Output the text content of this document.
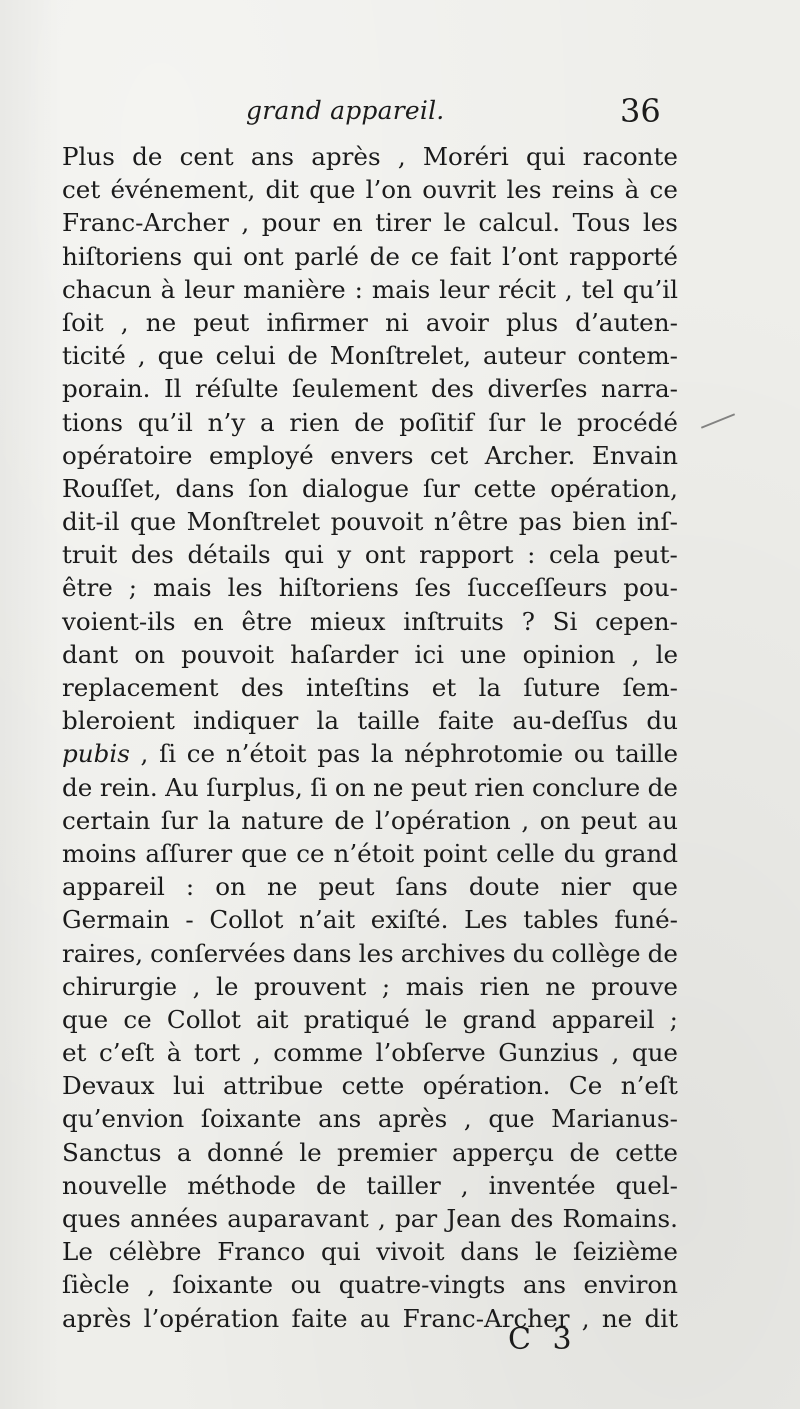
grand appareil.	36
Plus de cent ans après , Moréri qui raconte
cet événement, dit que l’on ouvrit les reins à ce
Franc-Archer , pour en tirer le calcul. Tous les
hiſtoriens qui ont parlé de ce fait l’ont rapporté
chacun à leur manière : mais leur récit , tel qu’il
ſoit , ne peut infirmer ni avoir plus d’auten-
ticité , que celui de Monſtrelet, auteur contem-
porain. Il réſulte ſeulement des diverſes narra-
tions qu’il n’y a rien de poſitif ſur le procédé
opératoire employé envers cet Archer. Envain
Rouſſet, dans ſon dialogue ſur cette opération,
dit-il que Monſtrelet pouvoit n’être pas bien inſ-
truit des détails qui y ont rapport : cela peut-
être ; mais les hiſtoriens ſes ſucceſſeurs pou-
voient-ils en être mieux inſtruits ? Si cepen-
dant on pouvoit haſarder ici une opinion , le
replacement des inteſtins et la ſuture ſem-
bleroient indiquer la taille faite au-deſſus du
pubis , ſi ce n’étoit pas la néphrotomie ou taille
de rein. Au ſurplus, ſi on ne peut rien conclure de
certain ſur la nature de l’opération , on peut au
moins aſſurer que ce n’étoit point celle du grand
appareil : on ne peut ſans doute nier que
Germain - Collot n’ait exiſté. Les tables funé-
raires, conſervées dans les archives du collège de
chirurgie , le prouvent ; mais rien ne prouve
que ce Collot ait pratiqué le grand appareil ;
et c’eſt à tort , comme l’obſerve Gunzius , que
Devaux lui attribue cette opération. Ce n’eſt
qu’envion ſoixante ans après , que Marianus-
Sanctus a donné le premier apperçu de cette
nouvelle méthode de tailler , inventée quel-
ques années auparavant , par Jean des Romains.
Le célèbre Franco qui vivoit dans le ſeizième
ſiècle , ſoixante ou quatre-vingts ans environ
après l’opération faite au Franc-Archer , ne dit
C 3
